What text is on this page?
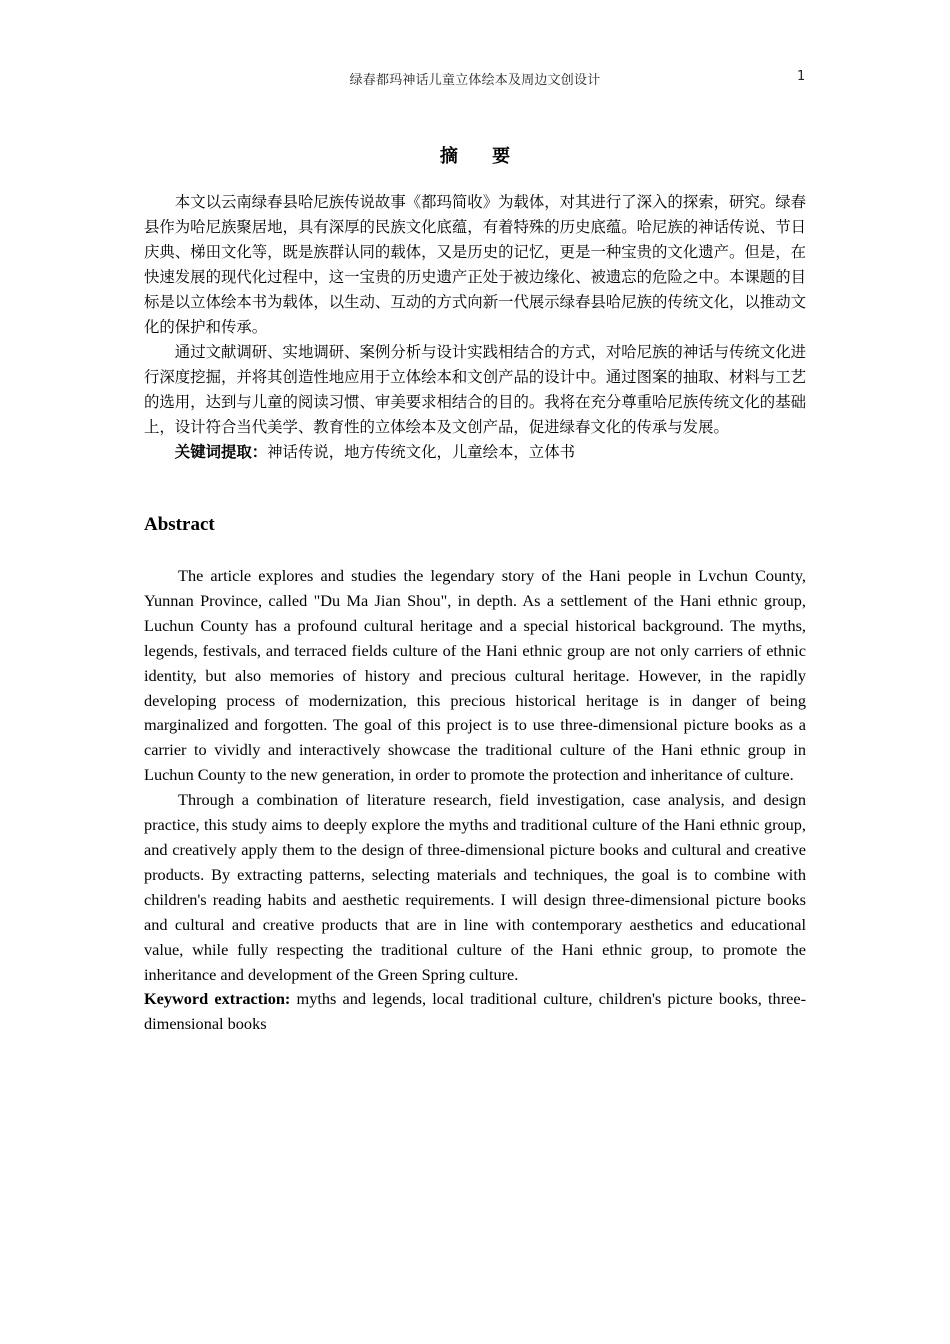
绿春都玛神话儿童立体绘本及周边文创设计	1
摘 要

本文以云南绿春县哈尼族传说故事《都玛简收》为载体，对其进行了深入的探索，研究。绿春县作为哈尼族聚居地，具有深厚的民族文化底蕴，有着特殊的历史底蕴。哈尼族的神话传说、节日庆典、梯田文化等，既是族群认同的载体，又是历史的记忆，更是一种宝贵的文化遗产。但是，在快速发展的现代化过程中，这一宝贵的历史遗产正处于被边缘化、被遗忘的危险之中。本课题的目标是以立体绘本书为载体，以生动、互动的方式向新一代展示绿春县哈尼族的传统文化，以推动文化的保护和传承。

通过文献调研、实地调研、案例分析与设计实践相结合的方式，对哈尼族的神话与传统文化进行深度挖掘，并将其创造性地应用于立体绘本和文创产品的设计中。通过图案的抽取、材料与工艺的选用，达到与儿童的阅读习惯、审美要求相结合的目的。我将在充分尊重哈尼族传统文化的基础上，设计符合当代美学、教育性的立体绘本及文创产品，促进绿春文化的传承与发展。

关键词提取：神话传说，地方传统文化，儿童绘本，立体书

Abstract

The article explores and studies the legendary story of the Hani people in Lvchun County, Yunnan Province, called "Du Ma Jian Shou", in depth. As a settlement of the Hani ethnic group, Luchun County has a profound cultural heritage and a special historical background. The myths, legends, festivals, and terraced fields culture of the Hani ethnic group are not only carriers of ethnic identity, but also memories of history and precious cultural heritage. However, in the rapidly developing process of modernization, this precious historical heritage is in danger of being marginalized and forgotten. The goal of this project is to use three-dimensional picture books as a carrier to vividly and interactively showcase the traditional culture of the Hani ethnic group in Luchun County to the new generation, in order to promote the protection and inheritance of culture.

Through a combination of literature research, field investigation, case analysis, and design practice, this study aims to deeply explore the myths and traditional culture of the Hani ethnic group, and creatively apply them to the design of three-dimensional picture books and cultural and creative products. By extracting patterns, selecting materials and techniques, the goal is to combine with children's reading habits and aesthetic requirements. I will design three-dimensional picture books and cultural and creative products that are in line with contemporary aesthetics and educational value, while fully respecting the traditional culture of the Hani ethnic group, to promote the inheritance and development of the Green Spring culture.

Keyword extraction: myths and legends, local traditional culture, children's picture books, three-dimensional books
